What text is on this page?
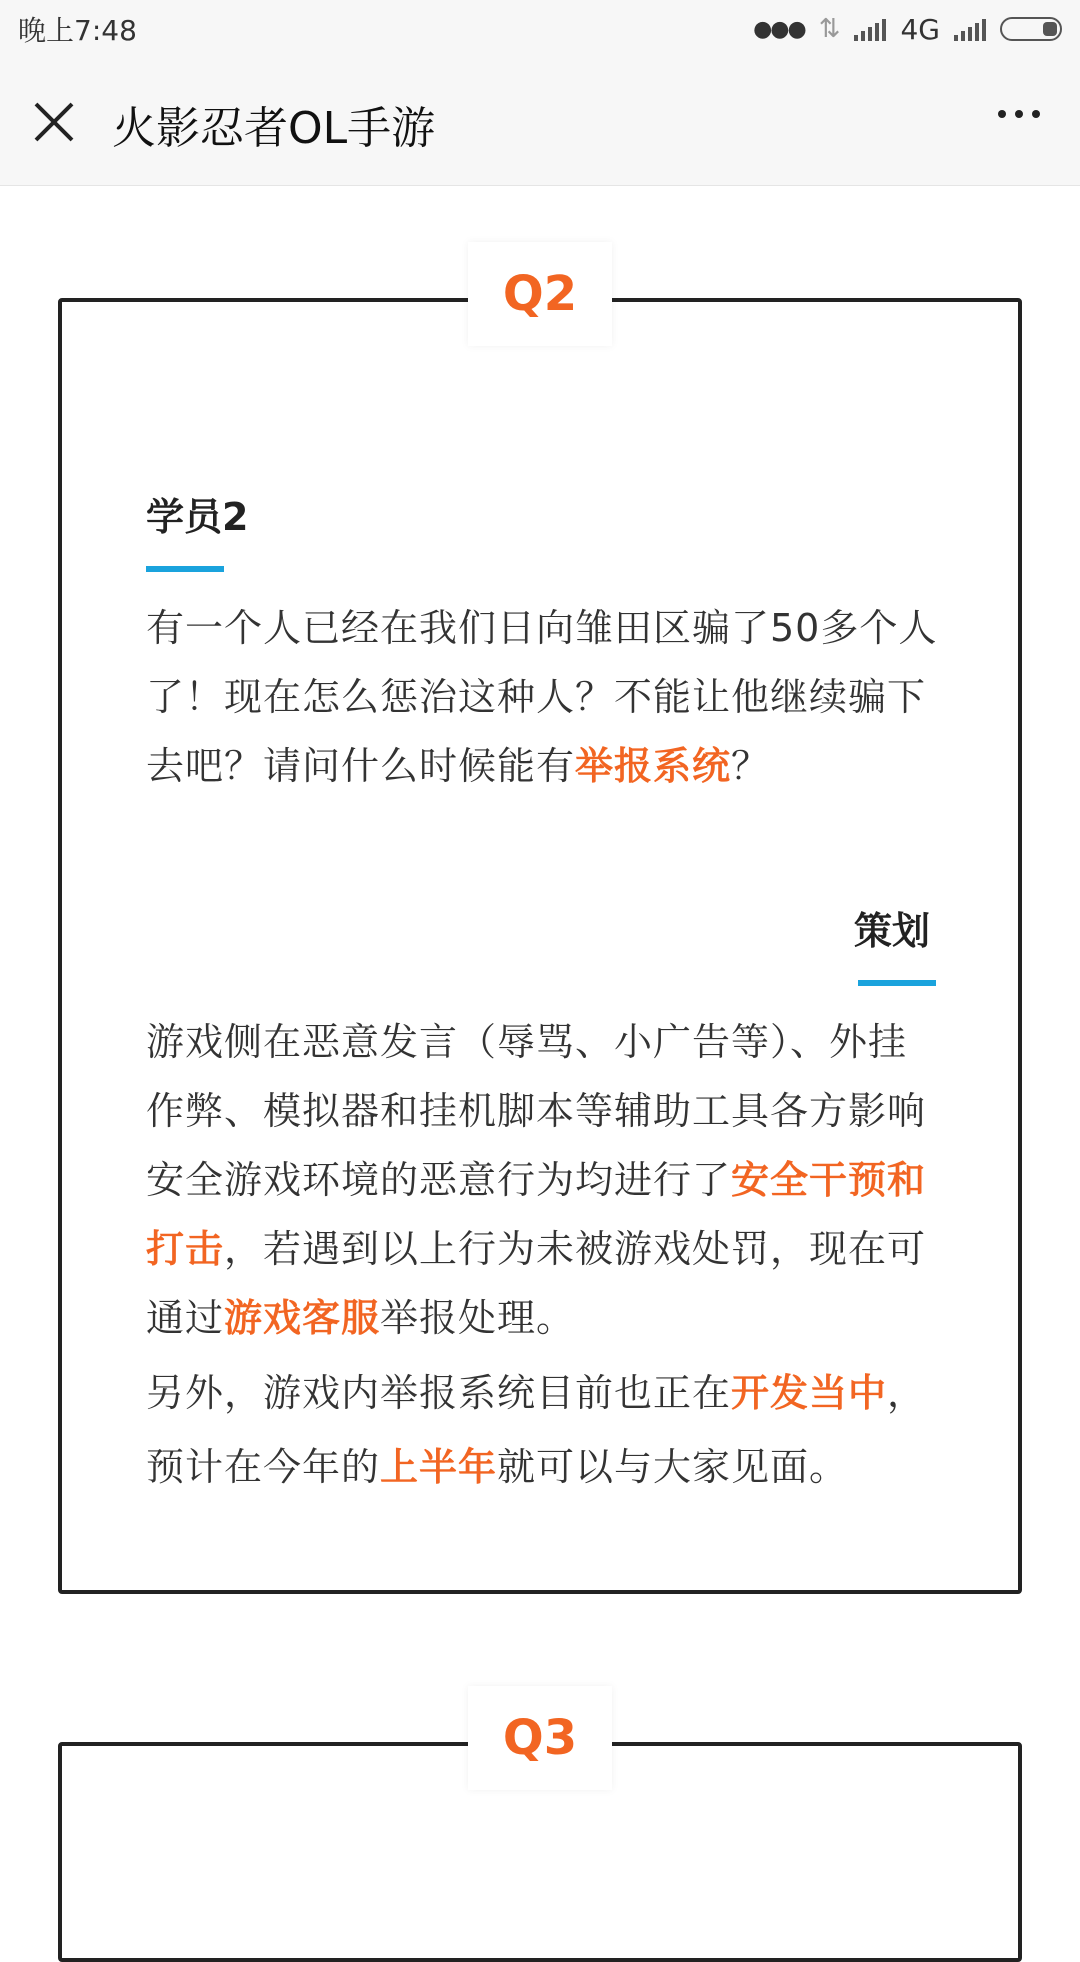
晚上7:48	●●● ⇅ 4G
火影忍者OL手游
Q2
学员2
有一个人已经在我们日向雏田区骗了50多个人了！现在怎么惩治这种人？不能让他继续骗下去吧？请问什么时候能有举报系统？
策划
游戏侧在恶意发言（辱骂、小广告等）、外挂作弊、模拟器和挂机脚本等辅助工具各方影响安全游戏环境的恶意行为均进行了安全干预和打击，若遇到以上行为未被游戏处罚，现在可通过游戏客服举报处理。
另外，游戏内举报系统目前也正在开发当中，预计在今年的上半年就可以与大家见面。
Q3
